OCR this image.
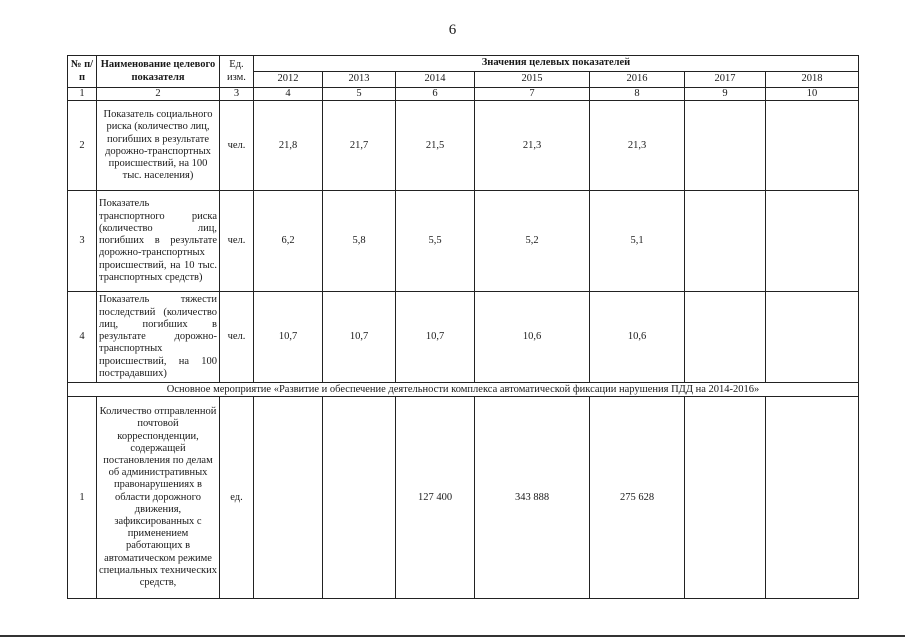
6
№ п/п	Наименование целевого показателя	Ед. изм.	Значения целевых показателей						
			2012	2013	2014	2015	2016	2017	2018
1	2	3	4	5	6	7	8	9	10
2	Показатель социального риска (количество лиц, погибших в результате дорожно-транспортных происшествий, на 100 тыс. населения)	чел.	21,8	21,7	21,5	21,3	21,3		
3	Показатель транспортного риска (количество лиц, погибших в результате дорожно-транспортных происшествий, на 10 тыс. транспортных средств)	чел.	6,2	5,8	5,5	5,2	5,1		
4	Показатель тяжести последствий (количество лиц, погибших в результате дорожно-транспортных происшествий, на 100 пострадавших)	чел.	10,7	10,7	10,7	10,6	10,6		
Основное мероприятие «Развитие и обеспечение деятельности комплекса автоматической фиксации нарушения ПДД на 2014-2016»									
1	Количество отправленной почтовой корреспонденции, содержащей постановления по делам об административных правонарушениях в области дорожного движения, зафиксированных с применением работающих в автоматическом режиме специальных технических средств,	ед.			127 400	343 888	275 628		
